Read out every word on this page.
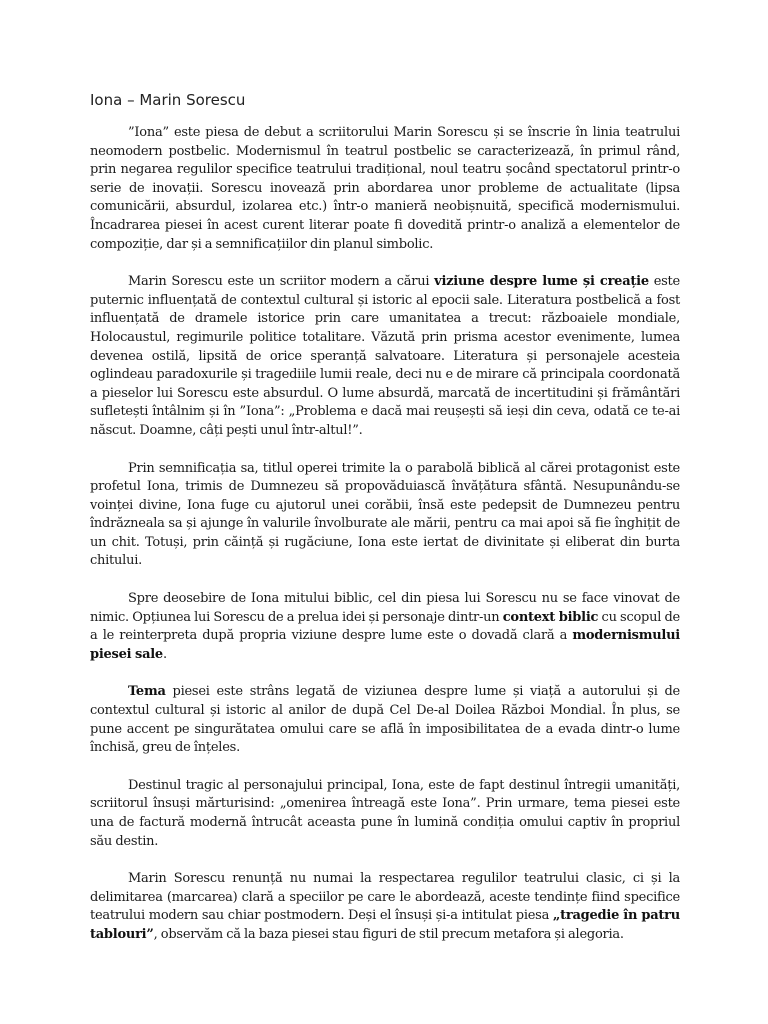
Iona – Marin Sorescu

”Iona” este piesa de debut a scriitorului Marin Sorescu și se înscrie în linia teatrului neomodern postbelic. Modernismul în teatrul postbelic se caracterizează, în primul rând, prin negarea regulilor specifice teatrului tradițional, noul teatru șocând spectatorul printr-o serie de inovații. Sorescu inovează prin abordarea unor probleme de actualitate (lipsa comunicării, absurdul, izolarea etc.) într-o manieră neobișnuită, specifică modernismului. Încadrarea piesei în acest curent literar poate fi dovedită printr-o analiză a elementelor de compoziție, dar și a semnificațiilor din planul simbolic.

Marin Sorescu este un scriitor modern a cărui viziune despre lume și creație este puternic influențată de contextul cultural și istoric al epocii sale. Literatura postbelică a fost influențată de dramele istorice prin care umanitatea a trecut: războaiele mondiale, Holocaustul, regimurile politice totalitare. Văzută prin prisma acestor evenimente, lumea devenea ostilă, lipsită de orice speranță salvatoare. Literatura și personajele acesteia oglindeau paradoxurile și tragediile lumii reale, deci nu e de mirare că principala coordonată a pieselor lui Sorescu este absurdul. O lume absurdă, marcată de incertitudini și frământări sufletești întâlnim și în ”Iona”: „Problema e dacă mai reușești să ieși din ceva, odată ce te-ai născut. Doamne, câți pești unul într-altul!”.

Prin semnificația sa, titlul operei trimite la o parabolă biblică al cărei protagonist este profetul Iona, trimis de Dumnezeu să propovăduiască învățătura sfântă. Nesupunându-se voinței divine, Iona fuge cu ajutorul unei corăbii, însă este pedepsit de Dumnezeu pentru îndrăzneala sa și ajunge în valurile învolburate ale mării, pentru ca mai apoi să fie înghițit de un chit. Totuși, prin căință și rugăciune, Iona este iertat de divinitate și eliberat din burta chitului.

Spre deosebire de Iona mitului biblic, cel din piesa lui Sorescu nu se face vinovat de nimic. Opțiunea lui Sorescu de a prelua idei și personaje dintr-un context biblic cu scopul de a le reinterpreta după propria viziune despre lume este o dovadă clară a modernismului piesei sale.

Tema piesei este strâns legată de viziunea despre lume și viață a autorului și de contextul cultural și istoric al anilor de după Cel De-al Doilea Război Mondial. În plus, se pune accent pe singurătatea omului care se află în imposibilitatea de a evada dintr-o lume închisă, greu de înțeles.

Destinul tragic al personajului principal, Iona, este de fapt destinul întregii umanități, scriitorul însuși mărturisind: „omenirea întreagă este Iona”. Prin urmare, tema piesei este una de factură modernă întrucât aceasta pune în lumină condiția omului captiv în propriul său destin.

Marin Sorescu renunță nu numai la respectarea regulilor teatrului clasic, ci și la delimitarea (marcarea) clară a speciilor pe care le abordează, aceste tendințe fiind specifice teatrului modern sau chiar postmodern. Deși el însuși și-a intitulat piesa „tragedie în patru tablouri”, observăm că la baza piesei stau figuri de stil precum metafora și alegoria.
